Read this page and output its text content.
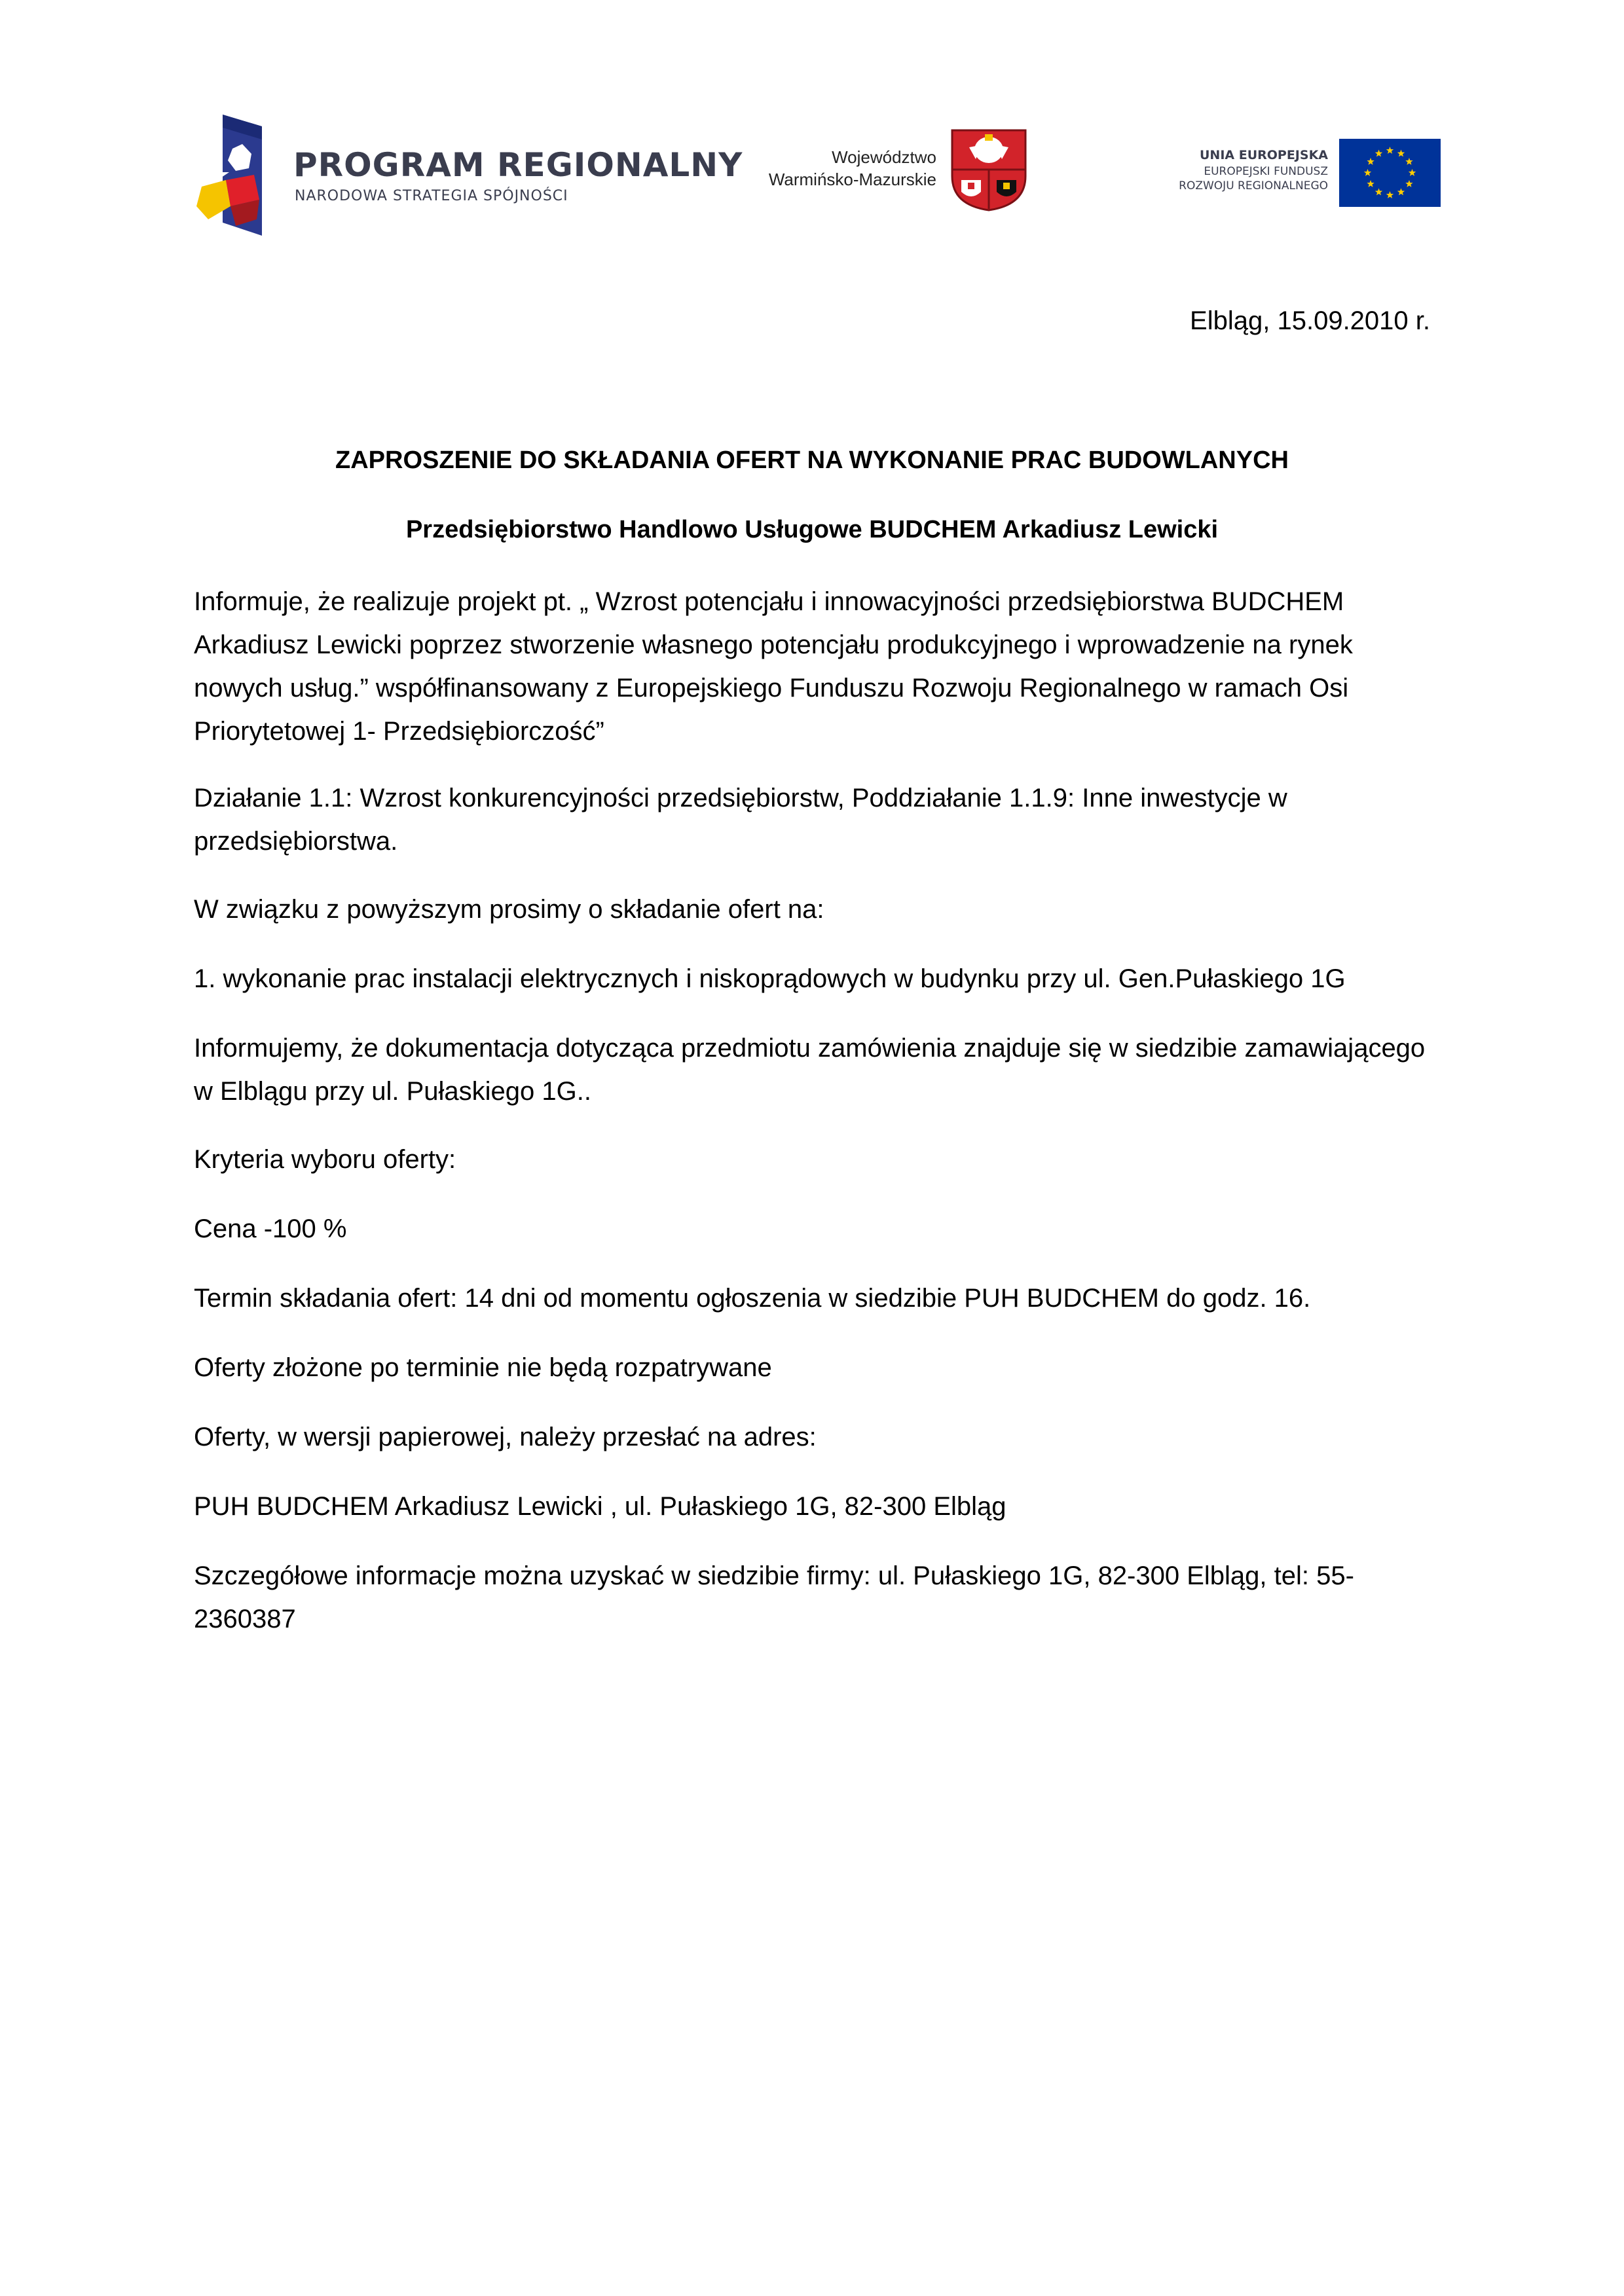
PROGRAM REGIONALNY
NARODOWA STRATEGIA SPÓJNOŚCI
Województwo
Warmińsko-Mazurskie
UNIA EUROPEJSKA
EUROPEJSKI FUNDUSZ
ROZWOJU REGIONALNEGO
Elbląg, 15.09.2010 r.
ZAPROSZENIE DO SKŁADANIA OFERT NA WYKONANIE PRAC BUDOWLANYCH
Przedsiębiorstwo Handlowo Usługowe BUDCHEM Arkadiusz Lewicki
Informuje, że realizuje projekt pt. „ Wzrost potencjału i innowacyjności przedsiębiorstwa BUDCHEM Arkadiusz Lewicki poprzez stworzenie własnego potencjału produkcyjnego i wprowadzenie na rynek nowych usług.” współfinansowany z Europejskiego Funduszu Rozwoju Regionalnego w ramach Osi Priorytetowej 1- Przedsiębiorczość”
Działanie 1.1: Wzrost konkurencyjności przedsiębiorstw, Poddziałanie 1.1.9: Inne inwestycje w przedsiębiorstwa.
W związku z powyższym prosimy o składanie ofert na:
1. wykonanie prac instalacji elektrycznych i niskoprądowych w budynku przy ul. Gen.Pułaskiego 1G
Informujemy, że dokumentacja dotycząca przedmiotu zamówienia znajduje się w siedzibie zamawiającego w Elblągu przy ul. Pułaskiego 1G..
Kryteria wyboru oferty:
Cena -100 %
Termin składania ofert: 14 dni od momentu ogłoszenia w siedzibie PUH BUDCHEM do godz. 16.
Oferty złożone po terminie nie będą rozpatrywane
Oferty, w wersji papierowej, należy przesłać na adres:
PUH BUDCHEM Arkadiusz Lewicki , ul. Pułaskiego 1G, 82-300 Elbląg
Szczegółowe informacje można uzyskać w siedzibie firmy: ul. Pułaskiego 1G, 82-300 Elbląg, tel: 55-2360387
